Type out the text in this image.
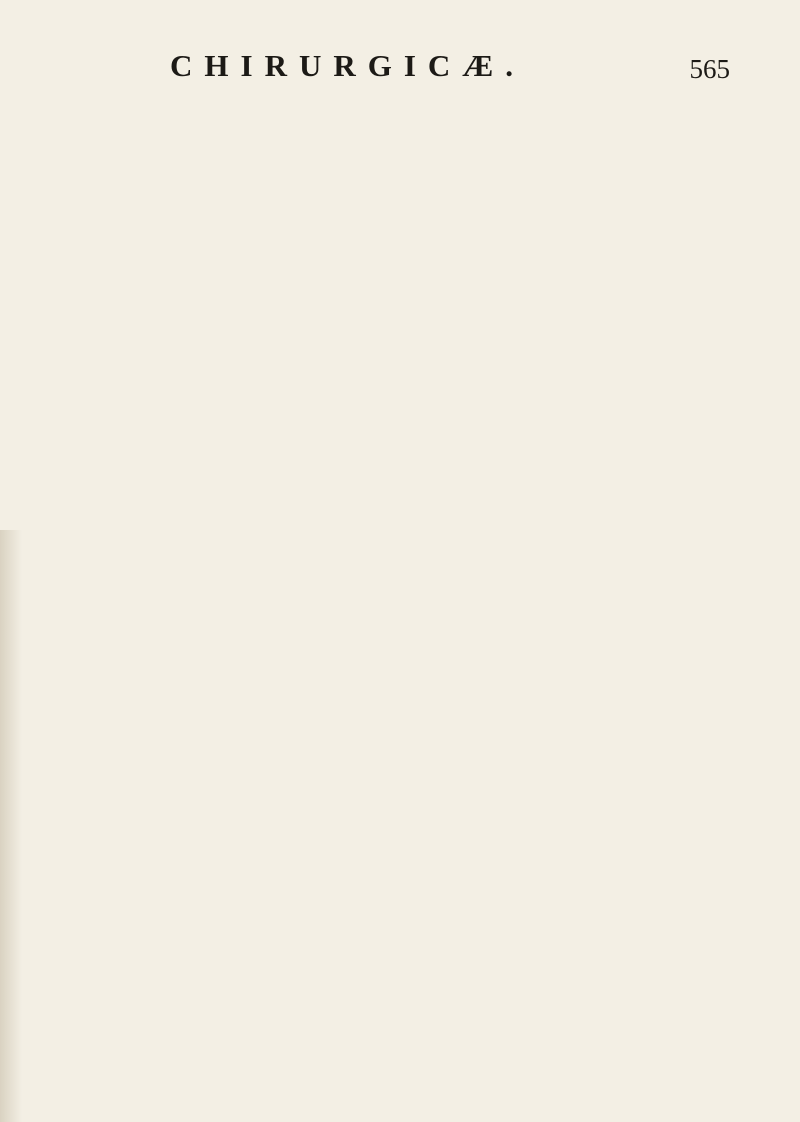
CHIRURGICÆ.	565
